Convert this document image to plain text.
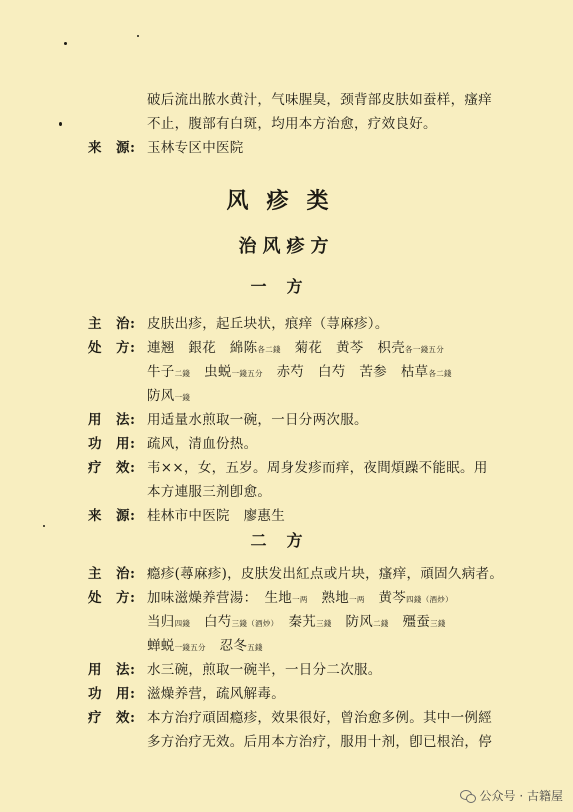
破后流出脓水黄汁，气味腥臭，颈背部皮肤如蚕样，瘙痒
不止，腹部有白斑，均用本方治愈，疗效良好。
来　源: 玉林专区中医院
风疹类
治风疹方
一方
主　治: 皮肤出疹，起丘块状，痕痒（荨麻疹）。
处　方: 連翘　銀花　綿陈各二錢　菊花　黄芩　枳壳各一錢五分
牛子二錢　虫蜕一錢五分　赤芍　白芍　苦参　枯草各二錢
防风一錢
用　法: 用适量水煎取一碗，一日分两次服。
功　用: 疏风，清血份热。
疗　效: 韦××，女，五岁。周身发疹而痒，夜間煩躁不能眠。用
本方連服三剂卽愈。
来　源: 桂林市中医院　廖惠生
二方
主　治: 瘾疹(蕁麻疹)，皮肤发出紅点或片块，瘙痒，頑固久病者。
处　方: 加味滋燥养营湯：　生地一两　熟地一两　黄芩四錢（酒炒）
当归四錢　白芍三錢（酒炒）　秦艽三錢　防风二錢　殭蚕三錢
蝉蜕一錢五分　忍冬五錢
用　法: 水三碗，煎取一碗半，一日分二次服。
功　用: 滋燥养营，疏风解毒。
疗　效: 本方治疗頑固瘾疹，效果很好，曾治愈多例。其中一例經
多方治疗无效。后用本方治疗，服用十剂，卽已根治，停
公众号 · 古籍屋
